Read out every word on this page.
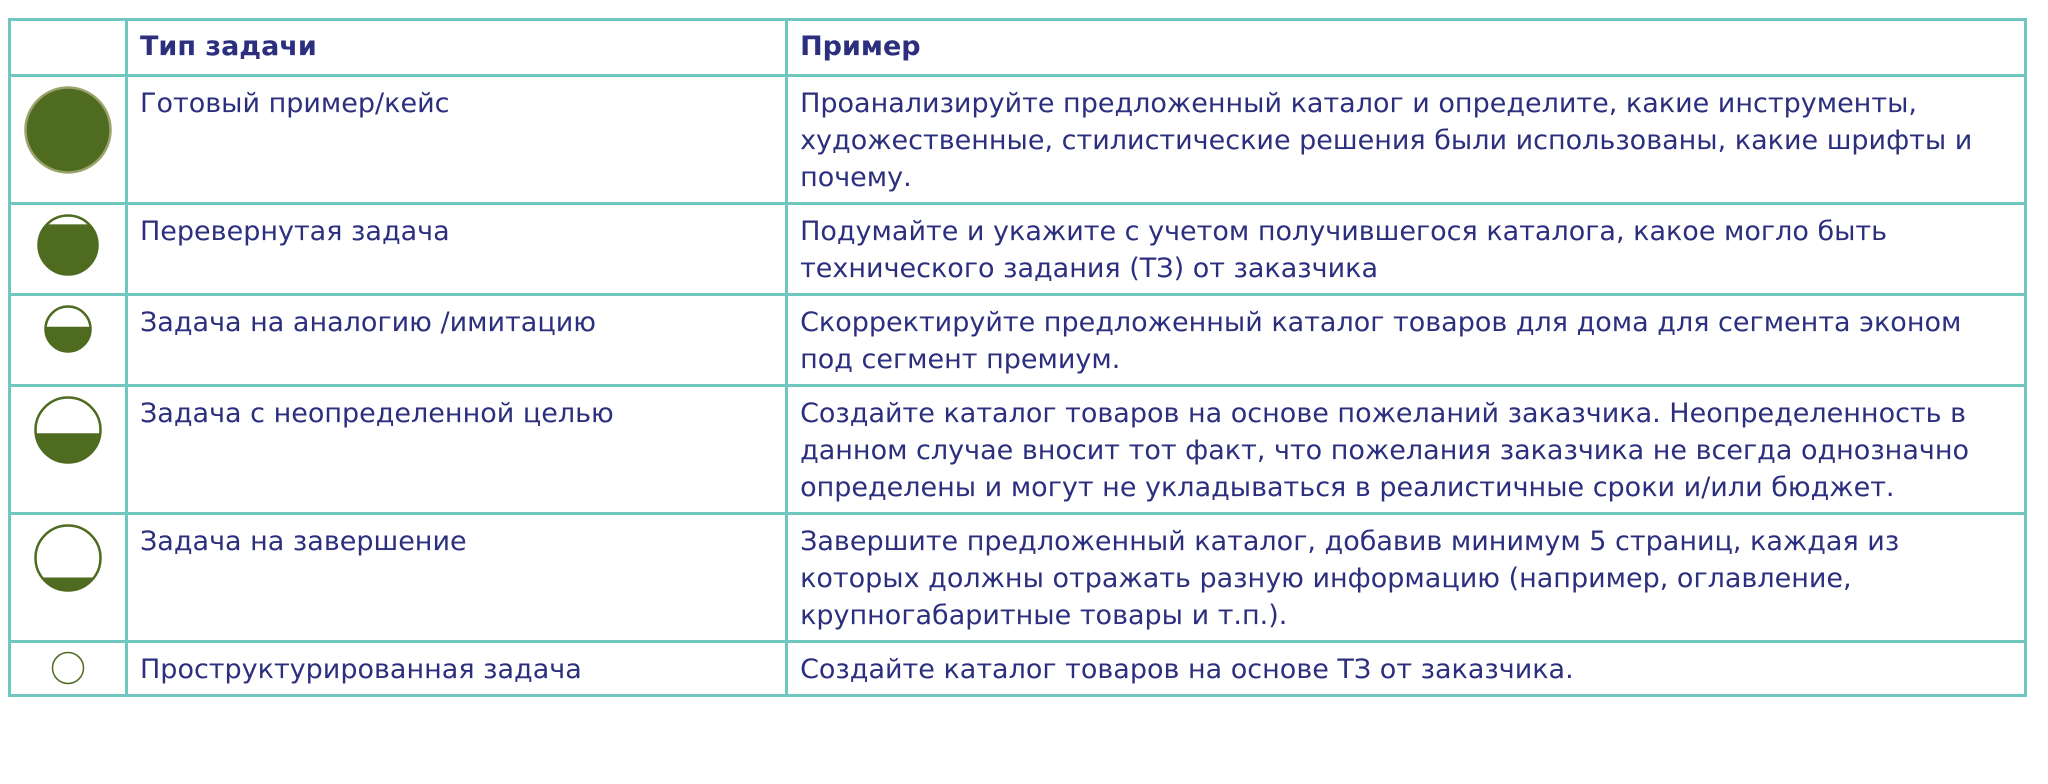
	Тип задачи	Пример

	Готовый пример/кейс	Проанализируйте предложенный каталог и определите, какие инструменты, художественные, стилистические решения были использованы, какие шрифты и почему.

	Перевернутая задача	Подумайте и укажите с учетом получившегося каталога, какое могло быть технического задания (ТЗ) от заказчика

	Задача на аналогию /имитацию	Скорректируйте предложенный каталог товаров для дома для сегмента эконом под сегмент премиум.

	Задача с неопределенной целью	Создайте каталог товаров на основе пожеланий заказчика. Неопределенность в данном случае вносит тот факт, что пожелания заказчика не всегда однозначно определены и могут не укладываться в реалистичные сроки и/или бюджет.

	Задача на завершение	Завершите предложенный каталог, добавив минимум 5 страниц, каждая из которых должны отражать разную информацию (например, оглавление, крупногабаритные товары и т.п.).

	Проструктурированная задача	Создайте каталог товаров на основе ТЗ от заказчика.
